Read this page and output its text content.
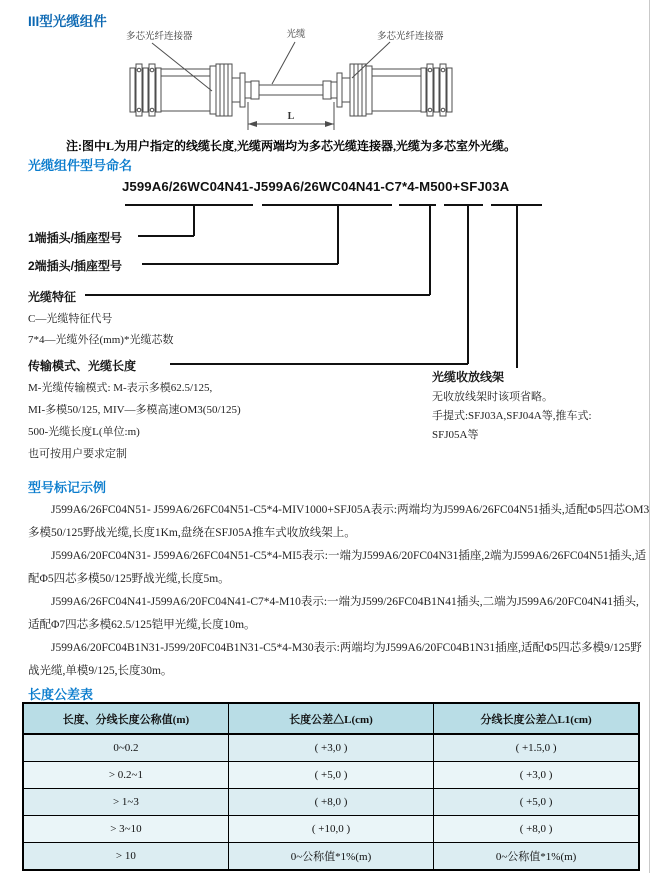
III型光缆组件
多芯光纤连接器	光缆	多芯光纤连接器
L
注:图中L为用户指定的线缆长度,光缆两端均为多芯光缆连接器,光缆为多芯室外光缆。
光缆组件型号命名
J599A6/26WC04N41-J599A6/26WC04N41-C7*4-M500+SFJ03A
1端插头/插座型号
2端插头/插座型号
光缆特征
C—光缆特征代号
7*4—光缆外径(mm)*光缆芯数
传输模式、光缆长度
M-光缆传输模式: M-表示多模62.5/125,
MI-多模50/125, MIV—多模高速OM3(50/125)
500-光缆长度L(单位:m)
也可按用户要求定制
光缆收放线架
无收放线架时该项省略。
手提式:SFJ03A,SFJ04A等,推车式:
SFJ05A等
型号标记示例

J599A6/26FC04N51- J599A6/26FC04N51-C5*4-MIV1000+SFJ05A表示:两端均为J599A6/26FC04N51插头,适配Φ5四芯OM3多模50/125野战光缆,长度1Km,盘绕在SFJ05A推车式收放线架上。

J599A6/20FC04N31- J599A6/26FC04N51-C5*4-MI5表示:一端为J599A6/20FC04N31插座,2端为J599A6/26FC04N51插头,适配Φ5四芯多模50/125野战光缆,长度5m。

J599A6/26FC04N41-J599A6/20FC04N41-C7*4-M10表示:一端为J599/26FC04B1N41插头,二端为J599A6/20FC04N41插头,适配Φ7四芯多模62.5/125铠甲光缆,长度10m。

J599A6/20FC04B1N31-J599/20FC04B1N31-C5*4-M30表示:两端均为J599A6/20FC04B1N31插座,适配Φ5四芯多模9/125野战光缆,单模9/125,长度30m。

长度公差表
长度、分线长度公称值(m)	长度公差△L(cm)	分线长度公差△L1(cm)
0~0.2	( +3,0 )	( +1.5,0 )
> 0.2~1	( +5,0 )	( +3,0 )
> 1~3	( +8,0 )	( +5,0 )
> 3~10	( +10,0 )	( +8,0 )
> 10	0~公称值*1%(m)	0~公称值*1%(m)
